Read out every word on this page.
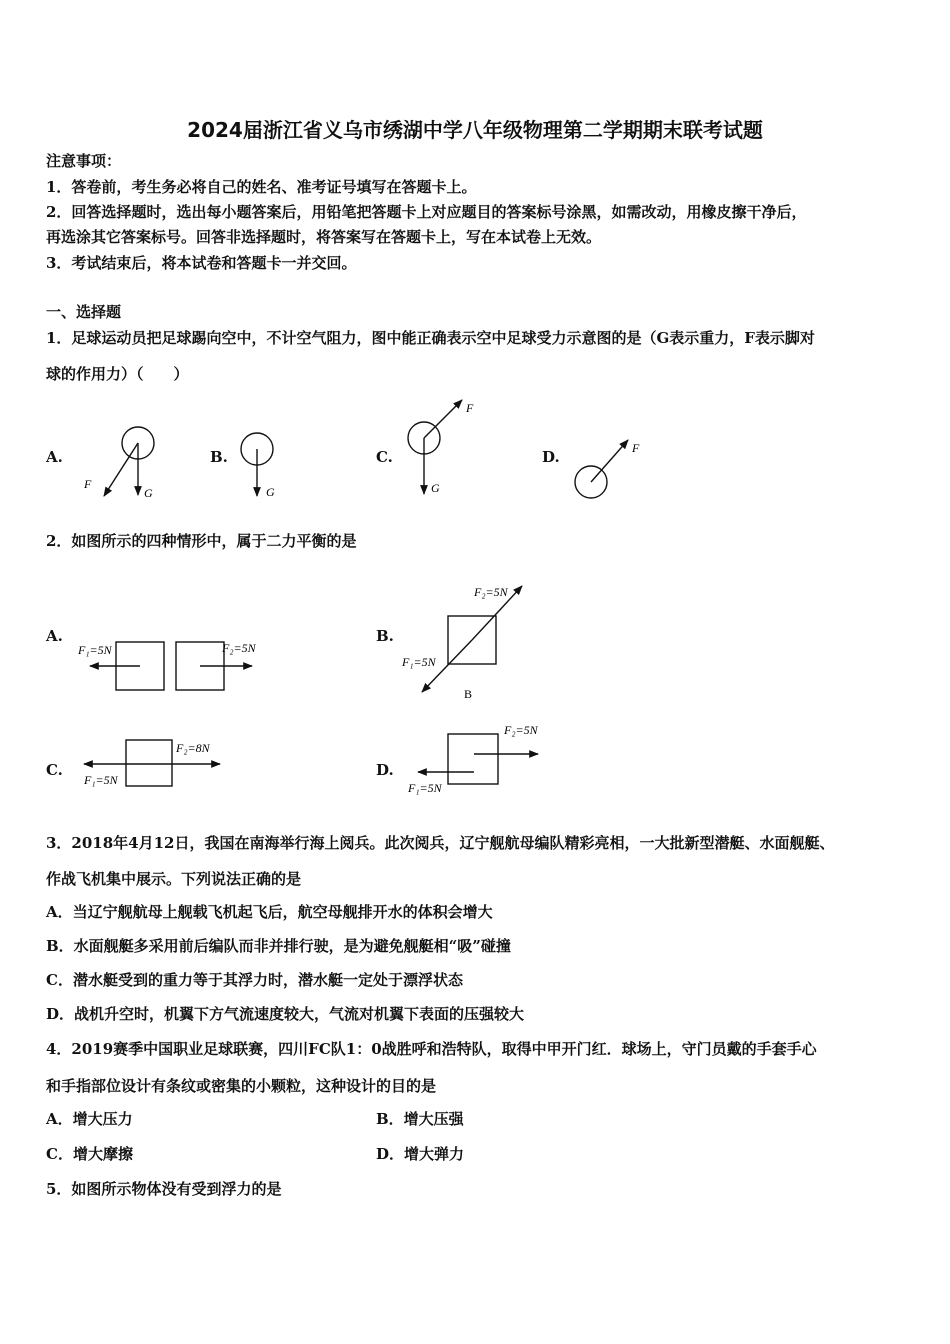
2024届浙江省义乌市绣湖中学八年级物理第二学期期末联考试题
注意事项：
1．答卷前，考生务必将自己的姓名、准考证号填写在答题卡上。
2．回答选择题时，选出每小题答案后，用铅笔把答题卡上对应题目的答案标号涂黑，如需改动，用橡皮擦干净后，
再选涂其它答案标号。回答非选择题时，将答案写在答题卡上，写在本试卷上无效。
3．考试结束后，将本试卷和答题卡一并交回。
一、选择题
1．足球运动员把足球踢向空中，不计空气阻力，图中能正确表示空中足球受力示意图的是（G表示重力，F表示脚对
球的作用力）（　　）
A.	B.	C.	D.
F
G	G
F
G
F
2．如图所示的四种情形中，属于二力平衡的是
A.	B.
C.	D.
F₁=5N	F₂=5N
F₂=5N
F₁=5N
B
F₂=8N
F₁=5N
F₂=5N
F₁=5N
3．2018年4月12日，我国在南海举行海上阅兵。此次阅兵，辽宁舰航母编队精彩亮相，一大批新型潜艇、水面舰艇、
作战飞机集中展示。下列说法正确的是
A．当辽宁舰航母上舰载飞机起飞后，航空母舰排开水的体积会增大
B．水面舰艇多采用前后编队而非并排行驶，是为避免舰艇相“吸”碰撞
C．潜水艇受到的重力等于其浮力时，潜水艇一定处于漂浮状态
D．战机升空时，机翼下方气流速度较大，气流对机翼下表面的压强较大
4．2019赛季中国职业足球联赛，四川FC队1：0战胜呼和浩特队，取得中甲开门红．球场上，守门员戴的手套手心
和手指部位设计有条纹或密集的小颗粒，这种设计的目的是
A．增大压力	B．增大压强
C．增大摩擦	D．增大弹力
5．如图所示物体没有受到浮力的是
